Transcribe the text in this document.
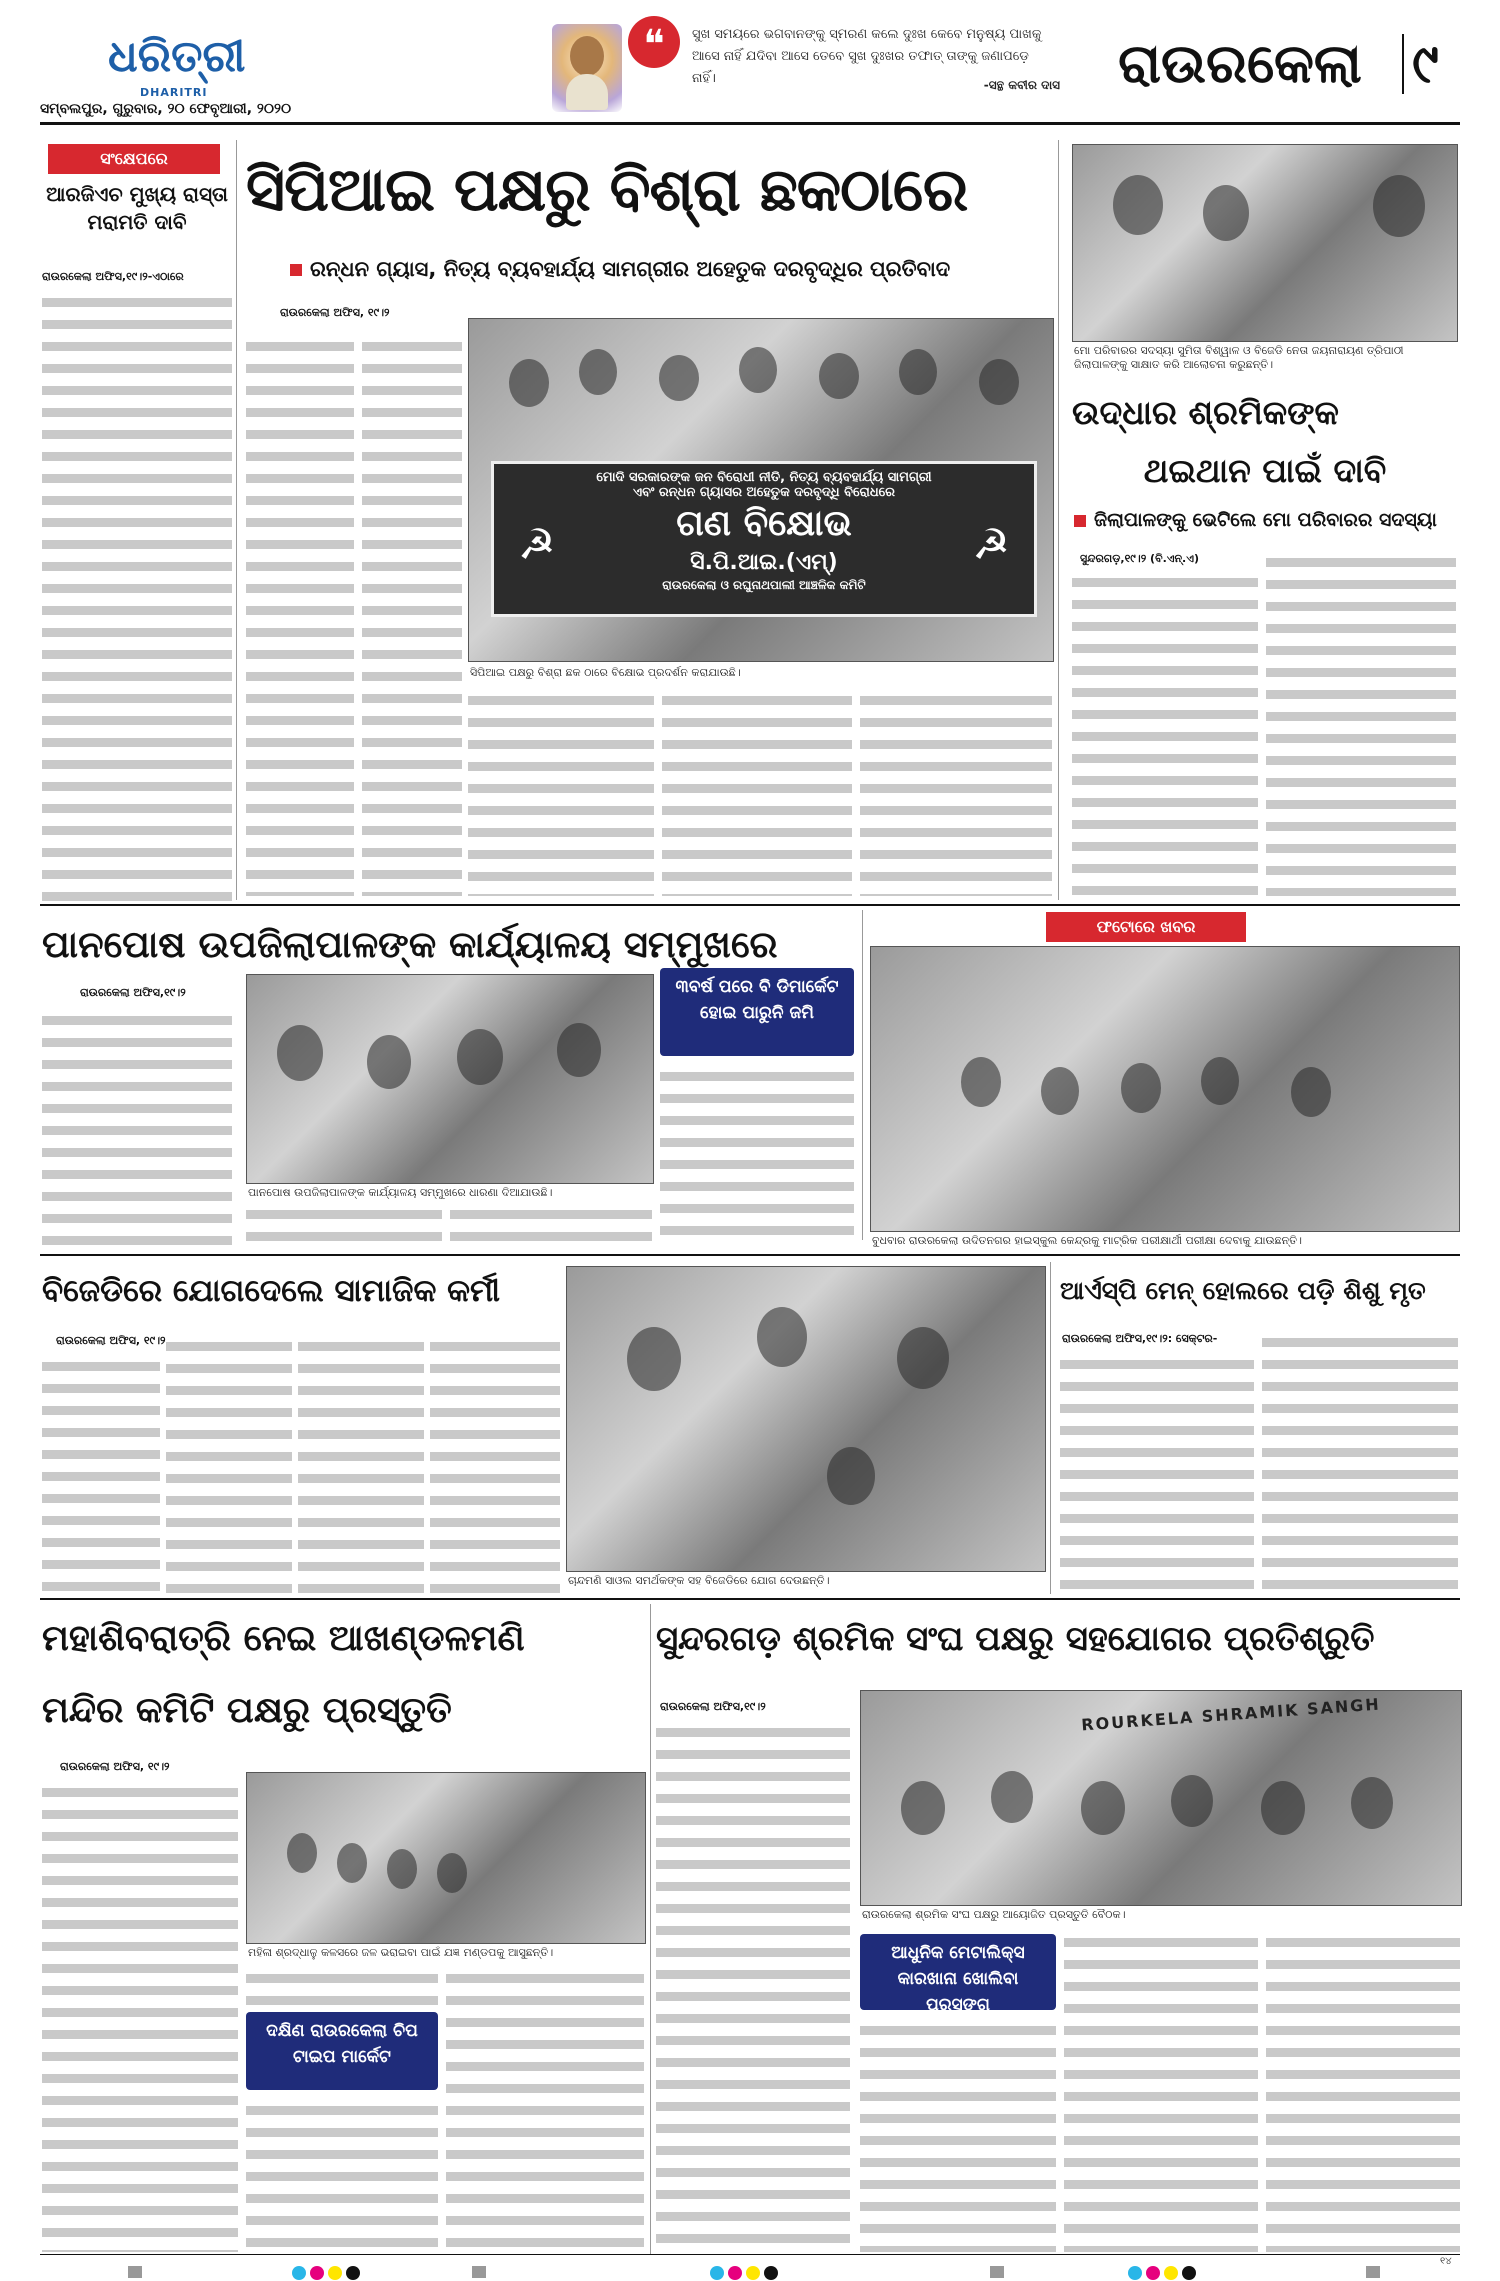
ଧରିତ୍ରୀ
DHARITRI
ସମ୍ବଲପୁର, ଗୁରୁବାର, ୨୦ ଫେବୃଆରୀ, ୨୦୨୦
❝	ସୁଖ ସମୟରେ ଭଗବାନଙ୍କୁ ସ୍ମରଣ କଲେ ଦୁଃଖ କେବେ ମନୁଷ୍ୟ ପାଖକୁ ଆସେ ନାହିଁ ଯଦିବା ଆସେ ତେବେ ସୁଖ ଦୁଃଖର ତଫାତ୍ ତାଙ୍କୁ ଜଣାପଡ଼େ ନାହିଁ।	-ସନ୍ଥ କବୀର ଦାସ	ରାଉରକେଲା ୯
ସଂକ୍ଷେପରେ
ଆରଜିଏଚ ମୁଖ୍ୟ ରାସ୍ତା ମରାମତି ଦାବି
ରାଉରକେଲା ଅଫିସ,୧୯।୨-ଏଠାରେ
ସିପିଆଇ ପକ୍ଷରୁ ବିଶ୍ରା ଛକଠାରେ
ରନ୍ଧନ ଗ୍ୟାସ, ନିତ୍ୟ ବ୍ୟବହାର୍ଯ୍ୟ ସାମଗ୍ରୀର ଅହେତୁକ ଦରବୃଦ୍ଧିର ପ୍ରତିବାଦ
ରାଉରକେଲା ଅଫିସ, ୧୯।୨
ମୋଦି ସରକାରଙ୍କ ଜନ ବିରୋଧୀ ନୀତି, ନିତ୍ୟ ବ୍ୟବହାର୍ଯ୍ୟ ସାମଗ୍ରୀ
ଏବଂ ରନ୍ଧନ ଗ୍ୟାସର ଅହେତୁକ ଦରବୃଦ୍ଧି ବିରୋଧରେ
ଗଣ ବିକ୍ଷୋଭ
ସି.ପି.ଆଇ.(ଏମ୍)
ରାଉରକେଲା ଓ ରଘୁନାଥପାଲୀ ଆଞ୍ଚଳିକ କମିଟି
☭	☭
ସିପିଆଇ ପକ୍ଷରୁ ବିଶ୍ରା ଛକ ଠାରେ ବିକ୍ଷୋଭ ପ୍ରଦର୍ଶନ କରାଯାଉଛି।
ମୋ ପରିବାରର ସଦସ୍ୟା ସୁମିତା ବିଶ୍ୱାଳ ଓ ବିଜେଡି ନେତା ଜୟନାରାୟଣ ତ୍ରିପାଠୀ ଜିଲାପାଳଙ୍କୁ ସାକ୍ଷାତ କରି ଆଲୋଚନା କରୁଛନ୍ତି।
ଉଦ୍ଧାର ଶ୍ରମିକଙ୍କ
ଥଇଥାନ ପାଇଁ ଦାବି
ଜିଲାପାଳଙ୍କୁ ଭେଟିଲେ ମୋ ପରିବାରର ସଦସ୍ୟା
ସୁନ୍ଦରଗଡ଼,୧୯।୨ (ବି.ଏନ୍.ଏ)
ପାନପୋଷ ଉପଜିଲାପାଳଙ୍କ କାର୍ଯ୍ୟାଳୟ ସମ୍ମୁଖରେ
ରାଉରକେଲା ଅଫିସ,୧୯।୨	୩ବର୍ଷ ପରେ ବି ଡିମାର୍କେଟ ହୋଇ ପାରୁନି ଜମି
ପାନପୋଷ ଉପଜିଲାପାଳଙ୍କ କାର୍ଯ୍ୟାଳୟ ସମ୍ମୁଖରେ ଧାରଣା ଦିଆଯାଉଛି।
ଫଟୋରେ ଖବର
ବୁଧବାର ରାଉରକେଲା ଉଦିତନଗର ହାଇସ୍କୁଲ କେନ୍ଦ୍ରକୁ ମାଟ୍ରିକ ପରୀକ୍ଷାର୍ଥୀ ପରୀକ୍ଷା ଦେବାକୁ ଯାଉଛନ୍ତି।
ବିଜେଡିରେ ଯୋଗଦେଲେ ସାମାଜିକ କର୍ମୀ
ରାଉରକେଲା ଅଫିସ, ୧୯।୨
ଚାନ୍ଦମଣି ସାଓଲ ସମର୍ଥକଙ୍କ ସହ ବିଜେଡିରେ ଯୋଗ ଦେଉଛନ୍ତି।
ଆର୍ଏସ୍‌ପି ମେନ୍ ହୋଲରେ ପଡ଼ି ଶିଶୁ ମୃତ
ରାଉରକେଲା ଅଫିସ,୧୯।୨: ସେକ୍ଟର-
ମହାଶିବରାତ୍ରି ନେଇ ଆଖଣ୍ଡଳମଣି
ମନ୍ଦିର କମିଟି ପକ୍ଷରୁ ପ୍ରସ୍ତୁତି
ରାଉରକେଲା ଅଫିସ, ୧୯।୨
ମହିଳା ଶ୍ରଦ୍ଧାଳୁ କଳସରେ ଜଳ ଭରାଇବା ପାଇଁ ଯଜ୍ଞ ମଣ୍ଡପକୁ ଆସୁଛନ୍ତି।
ଦକ୍ଷିଣ ରାଉରକେଲା ଚିପ ଟାଇପ ମାର୍କେଟ
ସୁନ୍ଦରଗଡ଼ ଶ୍ରମିକ ସଂଘ ପକ୍ଷରୁ ସହଯୋଗର ପ୍ରତିଶ୍ରୁତି
ରାଉରକେଲା ଅଫିସ,୧୯।୨	ROURKELA SHRAMIK SANGH
ରାଉରକେଲା ଶ୍ରମିକ ସଂଘ ପକ୍ଷରୁ ଆୟୋଜିତ ପ୍ରସ୍ତୁତି ବୈଠକ।
ଆଧୁନିକ ମେଟାଲିକ୍ସ କାରଖାନା ଖୋଲିବା ପ୍ରସଙ୍ଗ
୧୪
